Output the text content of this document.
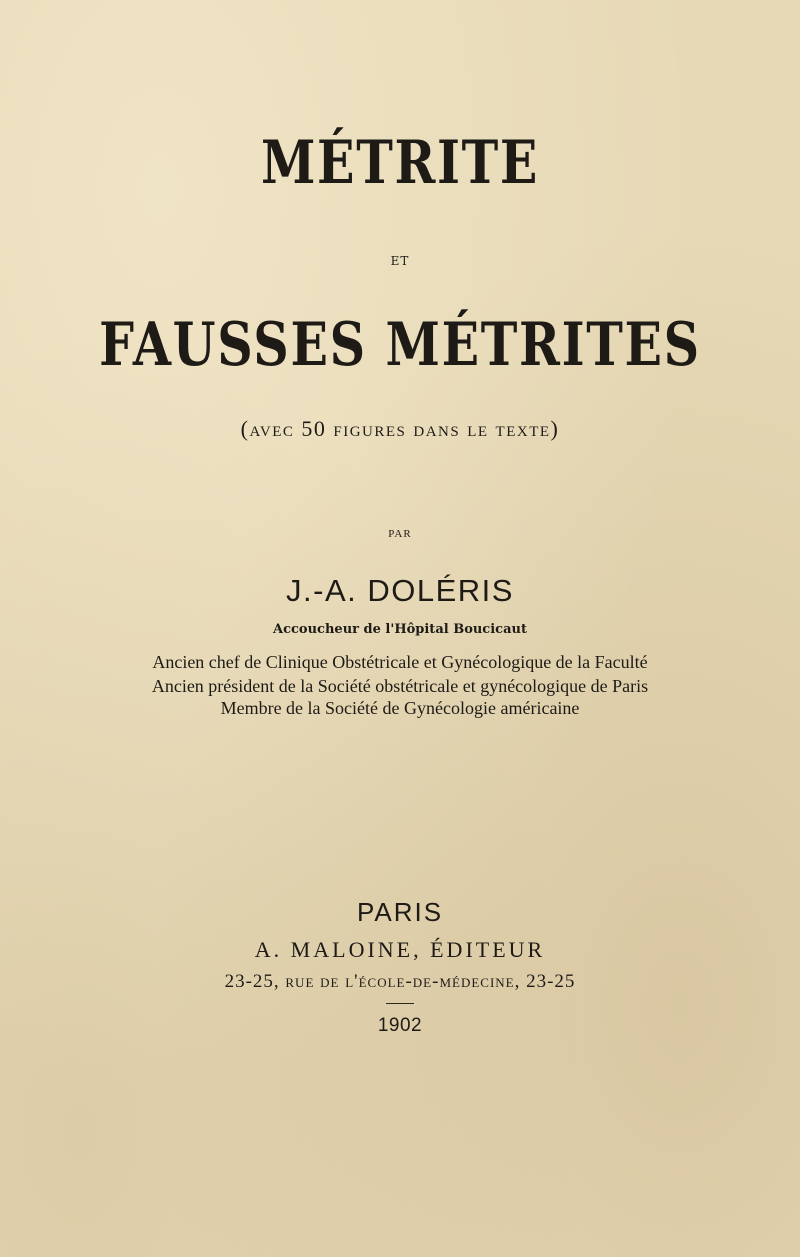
MÉTRITE
ET
FAUSSES MÉTRITES
(avec 50 figures dans le texte)
PAR
J.-A. DOLÉRIS
Accoucheur de l'Hôpital Boucicaut
Ancien chef de Clinique Obstétricale et Gynécologique de la Faculté
Ancien président de la Société obstétricale et gynécologique de Paris
Membre de la Société de Gynécologie américaine
PARIS
A. MALOINE, ÉDITEUR
23-25, rue de l'école-de-médecine, 23-25
1902
